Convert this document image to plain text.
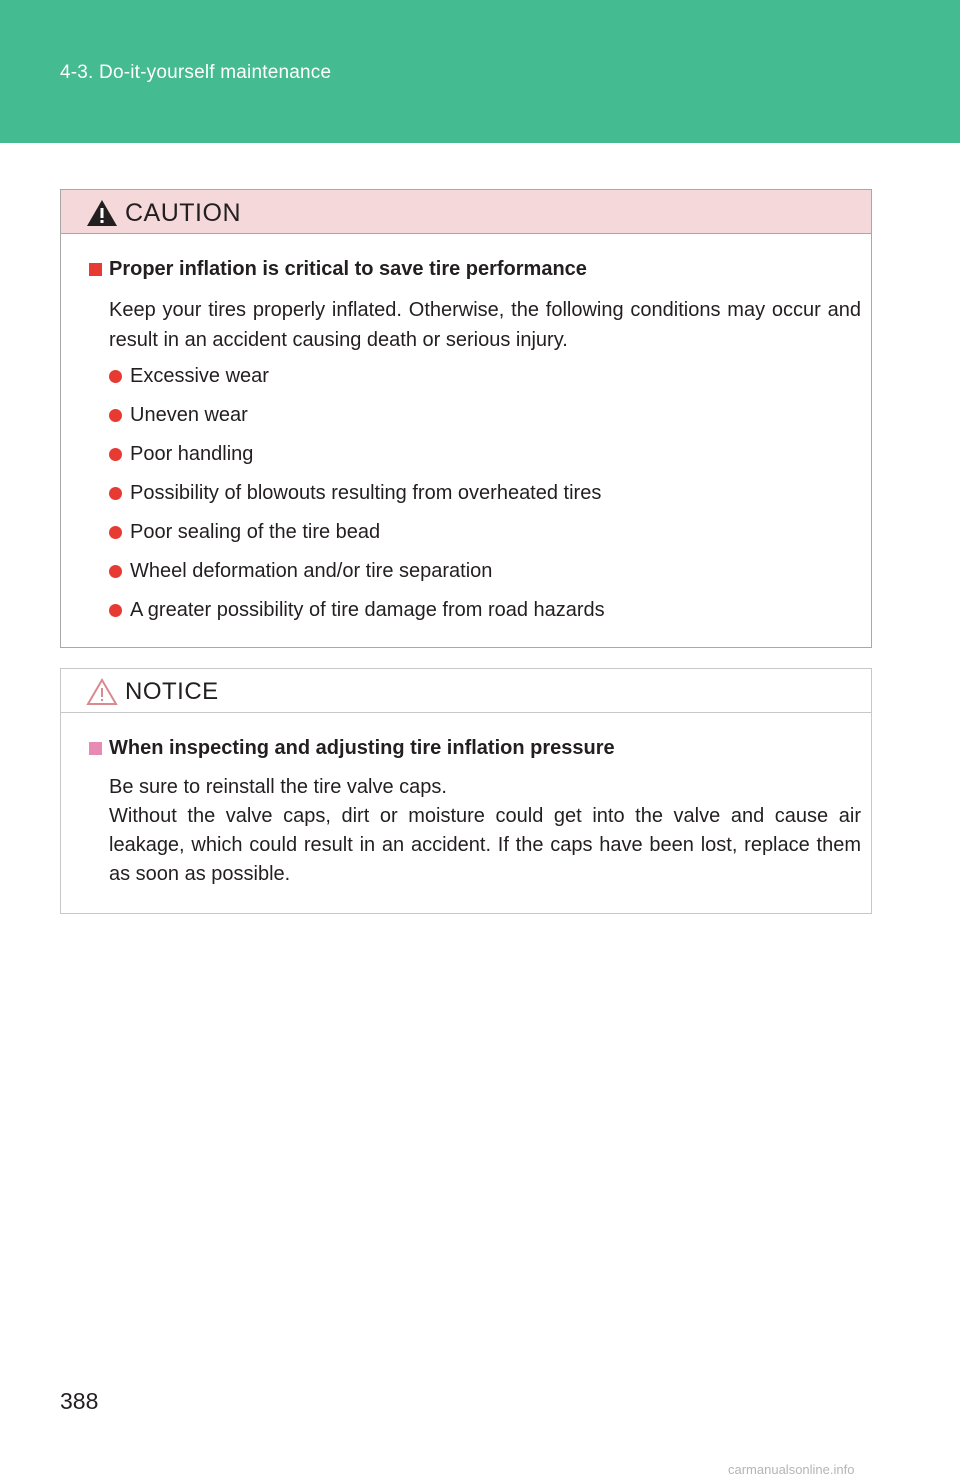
4-3. Do-it-yourself maintenance
CAUTION
Proper inflation is critical to save tire performance
Keep your tires properly inflated. Otherwise, the following conditions may occur and result in an accident causing death or serious injury.
Excessive wear
Uneven wear
Poor handling
Possibility of blowouts resulting from overheated tires
Poor sealing of the tire bead
Wheel deformation and/or tire separation
A greater possibility of tire damage from road hazards
NOTICE
When inspecting and adjusting tire inflation pressure

Be sure to reinstall the tire valve caps.

Without the valve caps, dirt or moisture could get into the valve and cause air leakage, which could result in an accident. If the caps have been lost, replace them as soon as possible.

388
carmanualsonline.info
